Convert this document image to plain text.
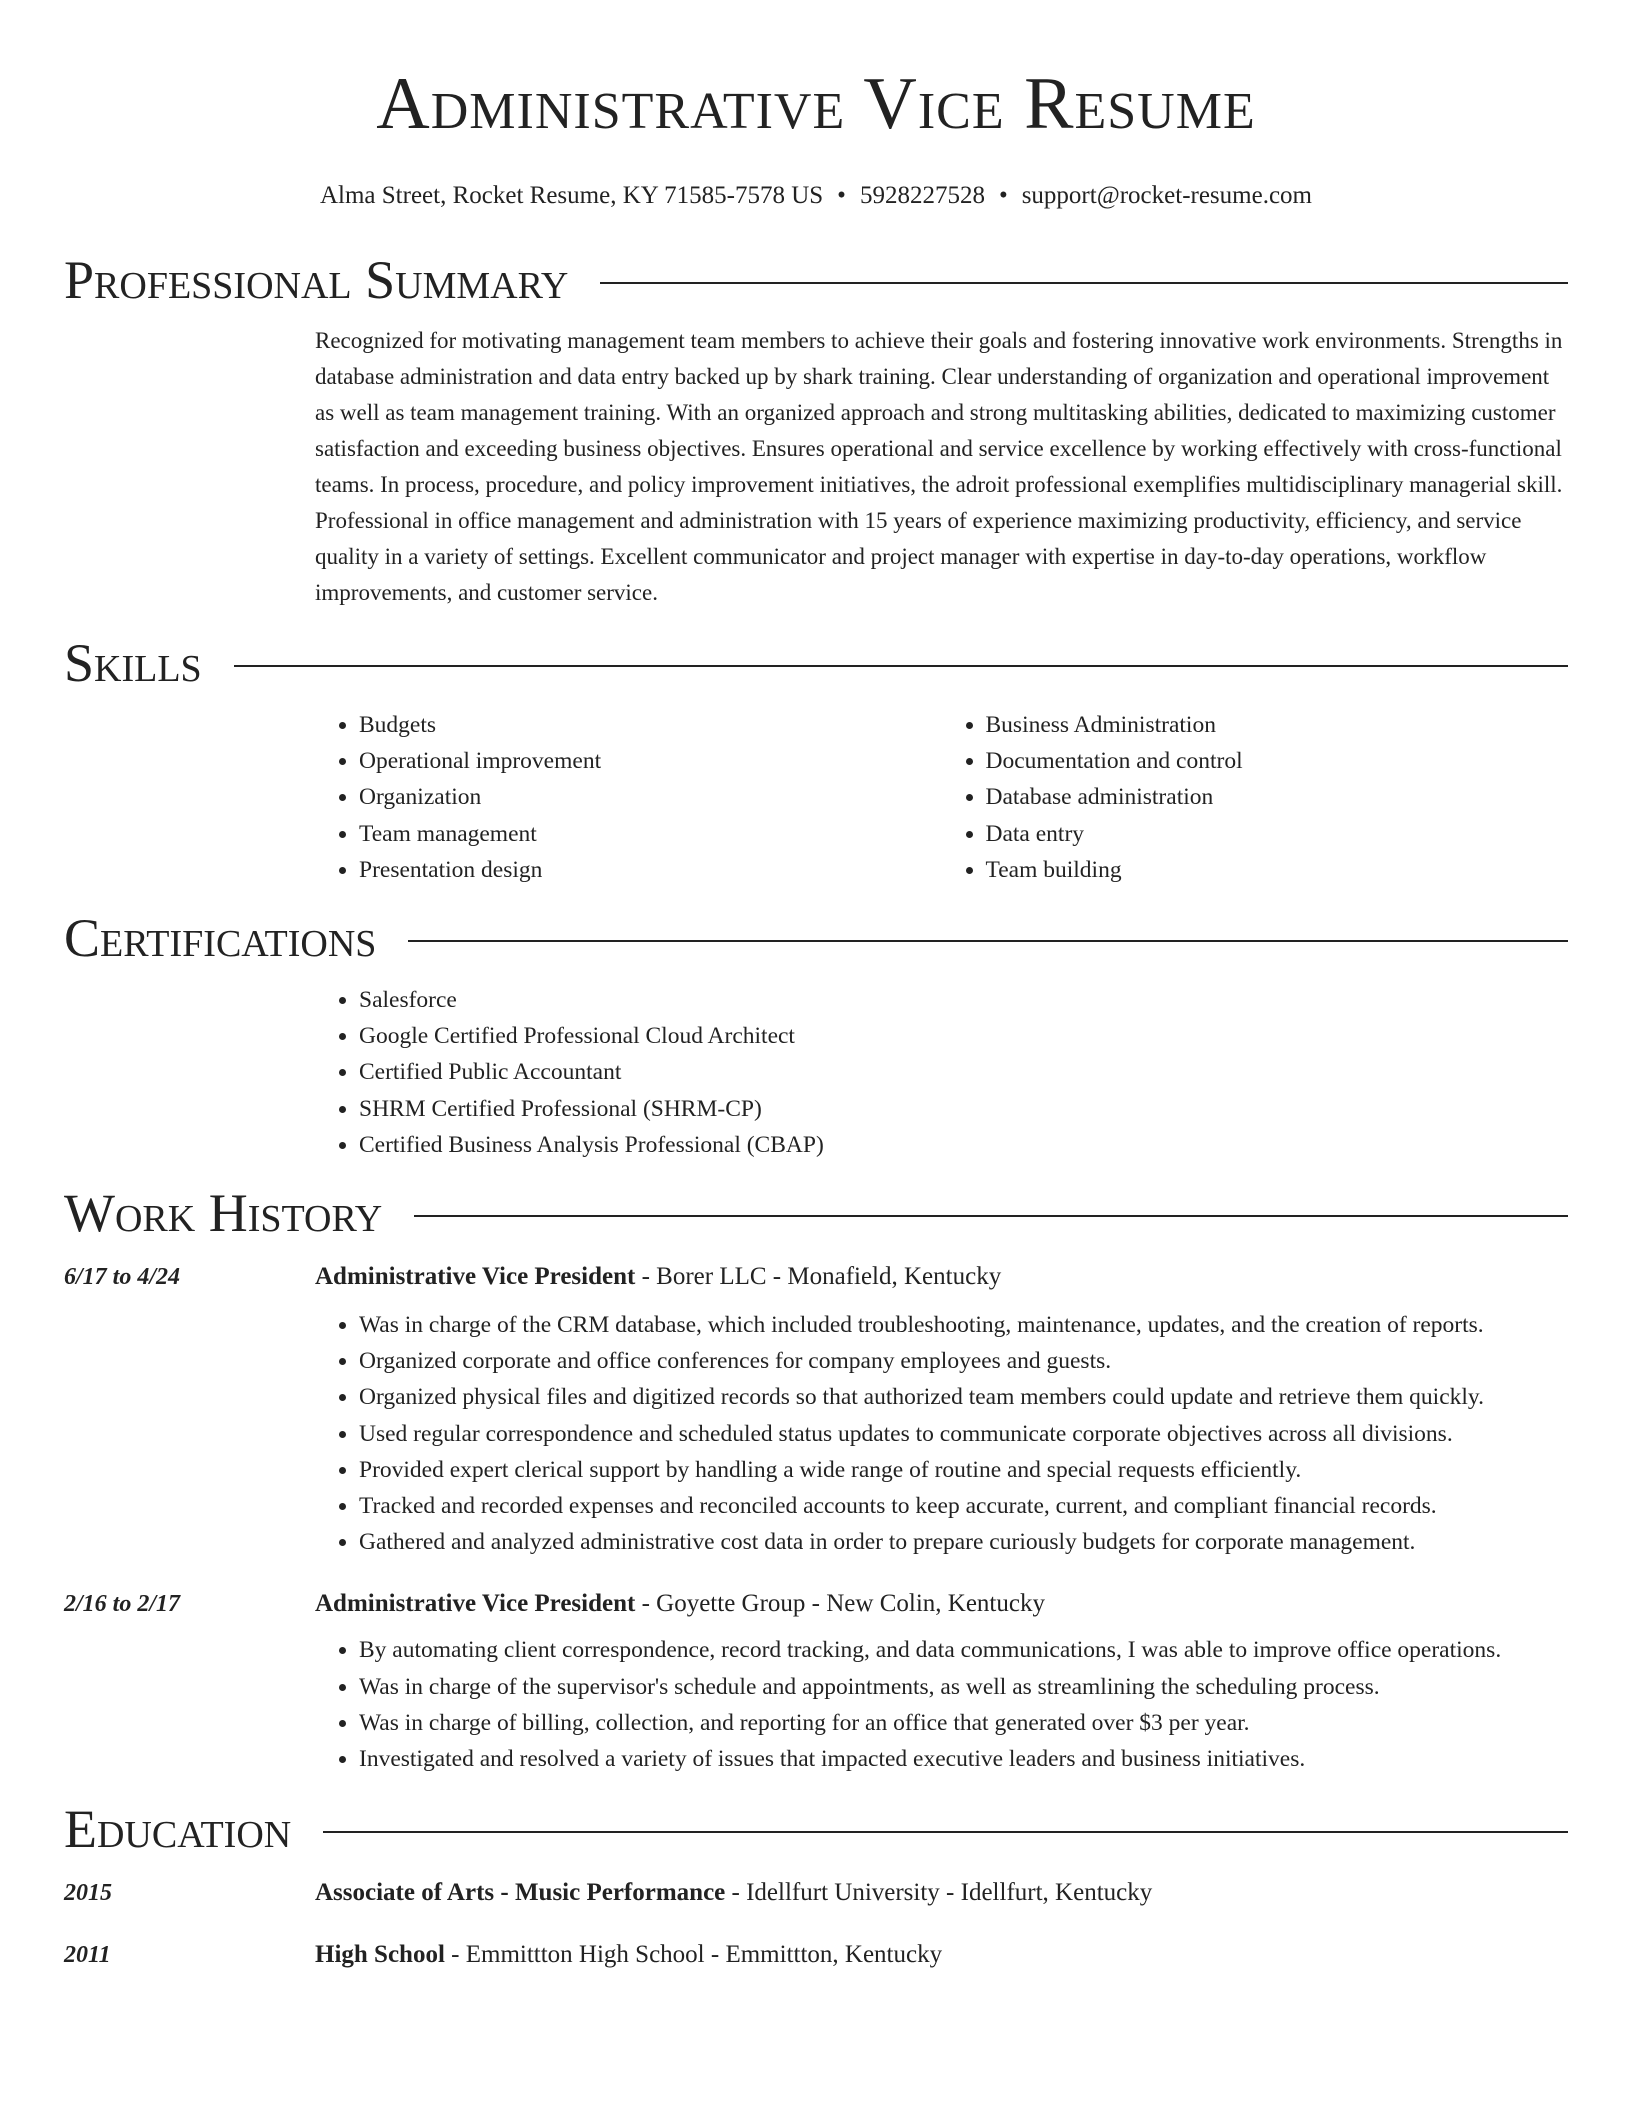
Administrative Vice Resume
Alma Street, Rocket Resume, KY 71585-7578 US • 5928227528 • support@rocket-resume.com
Professional Summary

Recognized for motivating management team members to achieve their goals and fostering innovative work environments. Strengths in database administration and data entry backed up by shark training. Clear understanding of organization and operational improvement as well as team management training. With an organized approach and strong multitasking abilities, dedicated to maximizing customer satisfaction and exceeding business objectives. Ensures operational and service excellence by working effectively with cross-functional teams. In process, procedure, and policy improvement initiatives, the adroit professional exemplifies multidisciplinary managerial skill. Professional in office management and administration with 15 years of experience maximizing productivity, efficiency, and service quality in a variety of settings. Excellent communicator and project manager with expertise in day-to-day operations, workflow improvements, and customer service.

Skills
• Budgets
• Operational improvement
• Organization
• Team management
• Presentation design
• Business Administration
• Documentation and control
• Database administration
• Data entry
• Team building
Certifications
• Salesforce
• Google Certified Professional Cloud Architect
• Certified Public Accountant
• SHRM Certified Professional (SHRM-CP)
• Certified Business Analysis Professional (CBAP)
Work History
6/17 to 4/24	Administrative Vice President - Borer LLC - Monafield, Kentucky
• Was in charge of the CRM database, which included troubleshooting, maintenance, updates, and the creation of reports.
• Organized corporate and office conferences for company employees and guests.
• Organized physical files and digitized records so that authorized team members could update and retrieve them quickly.
• Used regular correspondence and scheduled status updates to communicate corporate objectives across all divisions.
• Provided expert clerical support by handling a wide range of routine and special requests efficiently.
• Tracked and recorded expenses and reconciled accounts to keep accurate, current, and compliant financial records.
• Gathered and analyzed administrative cost data in order to prepare curiously budgets for corporate management.
2/16 to 2/17	Administrative Vice President - Goyette Group - New Colin, Kentucky
• By automating client correspondence, record tracking, and data communications, I was able to improve office operations.
• Was in charge of the supervisor's schedule and appointments, as well as streamlining the scheduling process.
• Was in charge of billing, collection, and reporting for an office that generated over $3 per year.
• Investigated and resolved a variety of issues that impacted executive leaders and business initiatives.
Education
2015	Associate of Arts - Music Performance - Idellfurt University - Idellfurt, Kentucky
2011	High School - Emmittton High School - Emmittton, Kentucky
